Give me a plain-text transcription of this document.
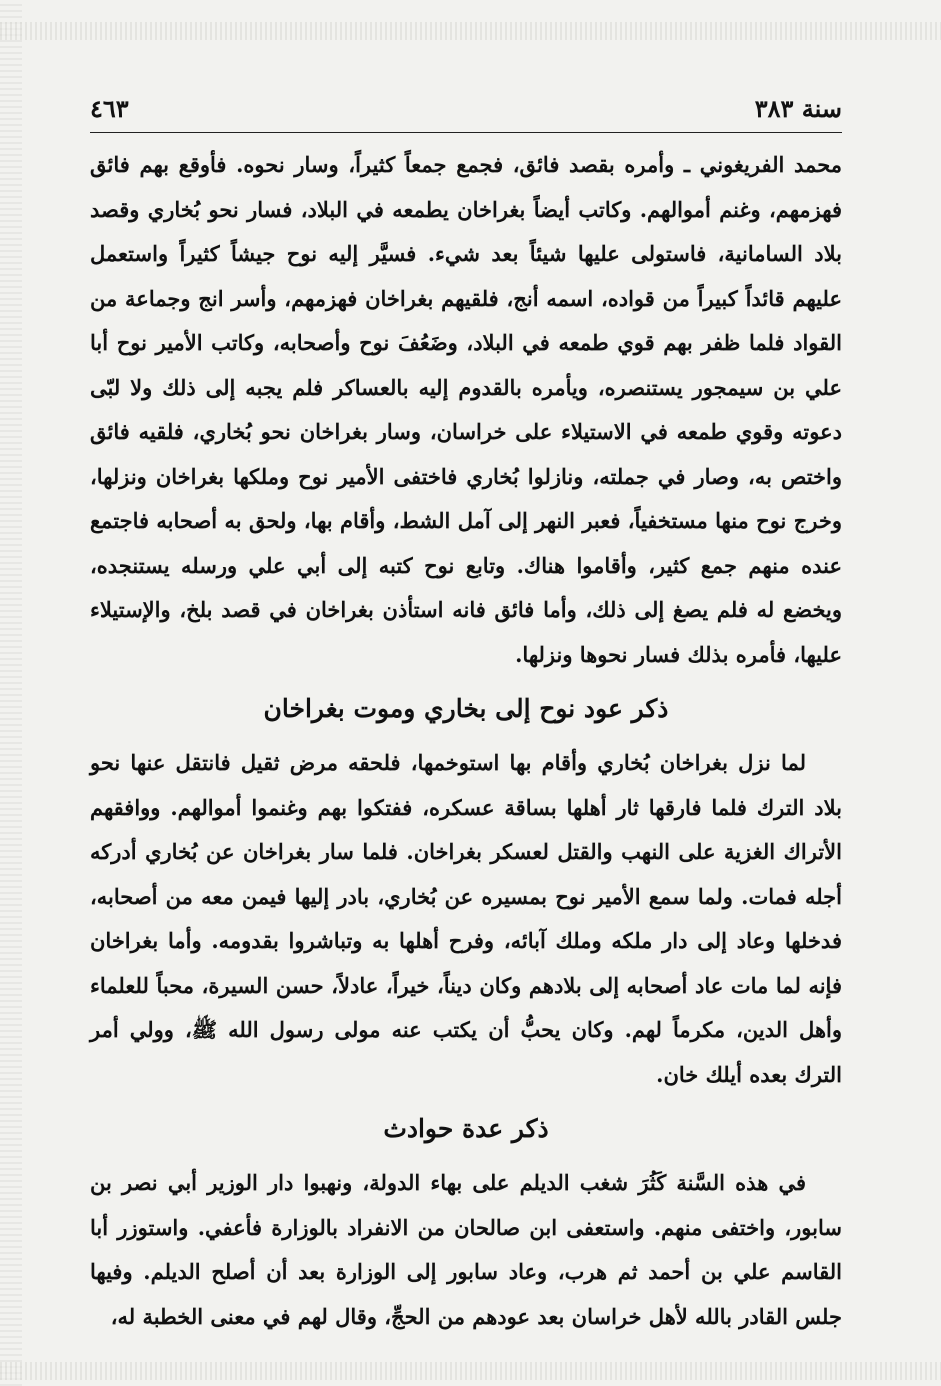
سنة ٣٨٣
٤٦٣

محمد الفريغوني ـ وأمره بقصد فائق، فجمع جمعاً كثيراً، وسار نحوه. فأوقع بهم فائق فهزمهم، وغنم أموالهم. وكاتب أيضاً بغراخان يطمعه في البلاد، فسار نحو بُخاري وقصد بلاد السامانية، فاستولى عليها شيئاً بعد شيء. فسيَّر إليه نوح جيشاً كثيراً واستعمل عليهم قائداً كبيراً من قواده، اسمه أنج، فلقيهم بغراخان فهزمهم، وأسر انج وجماعة من القواد فلما ظفر بهم قوي طمعه في البلاد، وضَعُفَ نوح وأصحابه، وكاتب الأمير نوح أبا علي بن سيمجور يستنصره، ويأمره بالقدوم إليه بالعساكر فلم يجبه إلى ذلك ولا لبّى دعوته وقوي طمعه في الاستيلاء على خراسان، وسار بغراخان نحو بُخاري، فلقيه فائق واختص به، وصار في جملته، ونازلوا بُخاري فاختفى الأمير نوح وملكها بغراخان ونزلها، وخرج نوح منها مستخفياً، فعبر النهر إلى آمل الشط، وأقام بها، ولحق به أصحابه فاجتمع عنده منهم جمع كثير، وأقاموا هناك. وتابع نوح كتبه إلى أبي علي ورسله يستنجده، ويخضع له فلم يصغ إلى ذلك، وأما فائق فانه استأذن بغراخان في قصد بلخ، والإستيلاء عليها، فأمره بذلك فسار نحوها ونزلها.

ذكر عود نوح إلى بخاري وموت بغراخان

لما نزل بغراخان بُخاري وأقام بها استوخمها، فلحقه مرض ثقيل فانتقل عنها نحو بلاد الترك فلما فارقها ثار أهلها بساقة عسكره، ففتكوا بهم وغنموا أموالهم. ووافقهم الأتراك الغزية على النهب والقتل لعسكر بغراخان. فلما سار بغراخان عن بُخاري أدركه أجله فمات. ولما سمع الأمير نوح بمسيره عن بُخاري، بادر إليها فيمن معه من أصحابه، فدخلها وعاد إلى دار ملكه وملك آبائه، وفرح أهلها به وتباشروا بقدومه. وأما بغراخان فإنه لما مات عاد أصحابه إلى بلادهم وكان ديناً، خيراً، عادلاً، حسن السيرة، محباً للعلماء وأهل الدين، مكرماً لهم. وكان يحبُّ أن يكتب عنه مولى رسول الله ﷺ، وولي أمر الترك بعده أيلك خان.

ذكر عدة حوادث

في هذه السَّنة كَثُرَ شغب الديلم على بهاء الدولة، ونهبوا دار الوزير أبي نصر بن سابور، واختفى منهم. واستعفى ابن صالحان من الانفراد بالوزارة فأعفي. واستوزر أبا القاسم علي بن أحمد ثم هرب، وعاد سابور إلى الوزارة بعد أن أصلح الديلم. وفيها جلس القادر بالله لأهل خراسان بعد عودهم من الحجِّ، وقال لهم في معنى الخطبة له،
